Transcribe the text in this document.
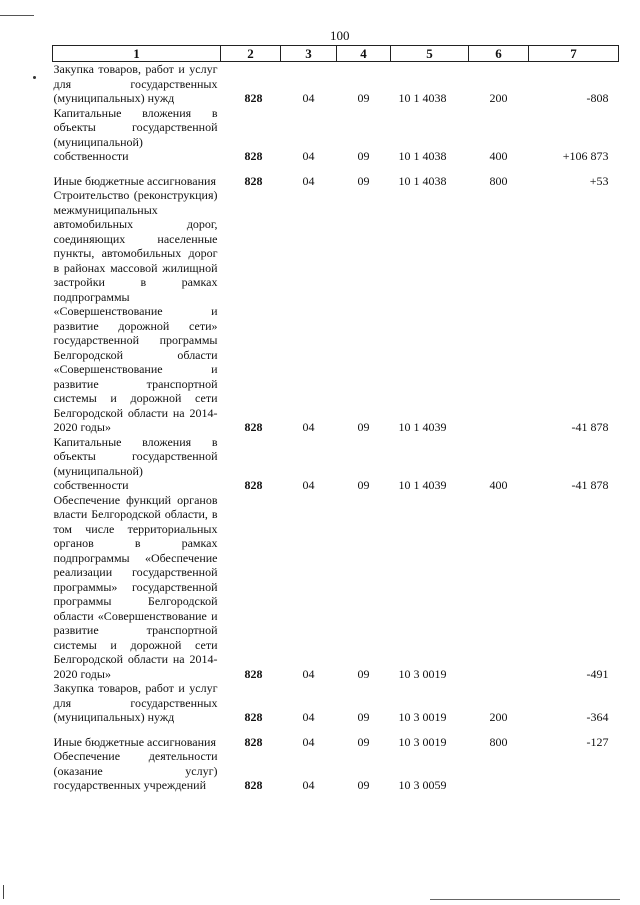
100
1	2	3	4	5	6	7
Закупка товаров, работ и услуг для государственных (муниципальных) нужд	828	04	09	10 1 4038	200	-808
Капитальные вложения в объекты государственной (муниципальной) собственности	828	04	09	10 1 4038	400	+106 873
Иные бюджетные ассигнования	828	04	09	10 1 4038	800	+53
Строительство (реконструкция) межмуниципальных автомобильных дорог, соединяющих населенные пункты, автомобильных дорог в районах массовой жилищной застройки в рамках подпрограммы «Совершенствование и развитие дорожной сети» государственной программы Белгородской области «Совершенствование и развитие транспортной системы и дорожной сети Белгородской области на 2014-2020 годы»	828	04	09	10 1 4039		-41 878
Капитальные вложения в объекты государственной (муниципальной) собственности	828	04	09	10 1 4039	400	-41 878
Обеспечение функций органов власти Белгородской области, в том числе территориальных органов в рамках подпрограммы «Обеспечение реализации государственной программы» государственной программы Белгородской области «Совершенствование и развитие транспортной системы и дорожной сети Белгородской области на 2014-2020 годы»	828	04	09	10 3 0019		-491
Закупка товаров, работ и услуг для государственных (муниципальных) нужд	828	04	09	10 3 0019	200	-364
Иные бюджетные ассигнования	828	04	09	10 3 0019	800	-127
Обеспечение деятельности (оказание услуг) государственных учреждений	828	04	09	10 3 0059		
